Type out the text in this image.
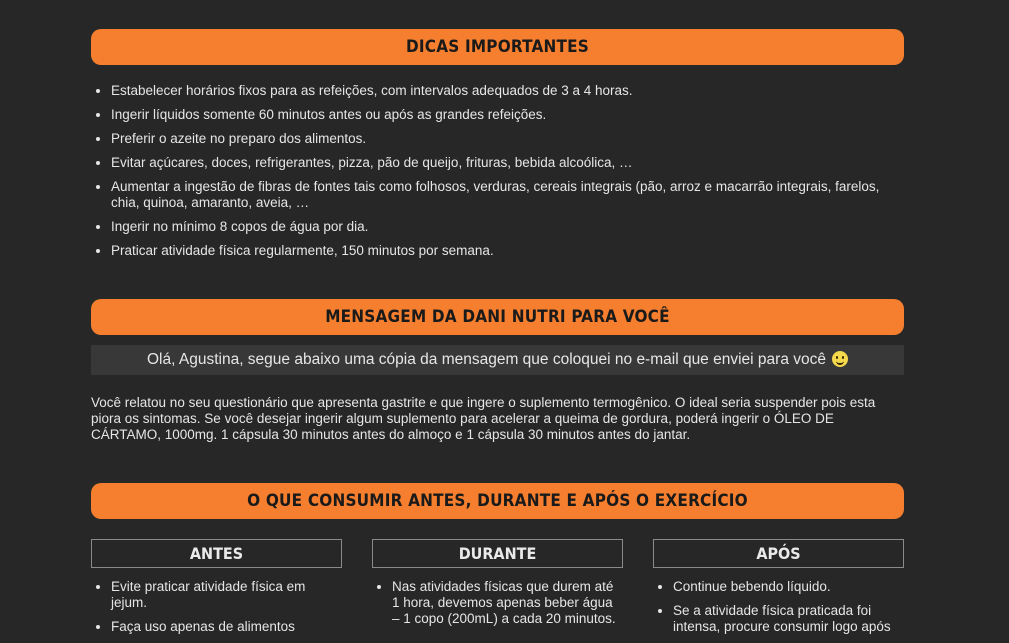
DICAS IMPORTANTES
• Estabelecer horários fixos para as refeições, com intervalos adequados de 3 a 4 horas.
• Ingerir líquidos somente 60 minutos antes ou após as grandes refeições.
• Preferir o azeite no preparo dos alimentos.
• Evitar açúcares, doces, refrigerantes, pizza, pão de queijo, frituras, bebida alcoólica, …
• Aumentar a ingestão de fibras de fontes tais como folhosos, verduras, cereais integrais (pão, arroz e macarrão integrais, farelos, chia, quinoa, amaranto, aveia, …
• Ingerir no mínimo 8 copos de água por dia.
• Praticar atividade física regularmente, 150 minutos por semana.
MENSAGEM DA DANI NUTRI PARA VOCÊ
Olá, Agustina, segue abaixo uma cópia da mensagem que coloquei no e-mail que enviei para você
Você relatou no seu questionário que apresenta gastrite e que ingere o suplemento termogênico. O ideal seria suspender pois esta piora os sintomas. Se você desejar ingerir algum suplemento para acelerar a queima de gordura, poderá ingerir o ÓLEO DE CÁRTAMO, 1000mg. 1 cápsula 30 minutos antes do almoço e 1 cápsula 30 minutos antes do jantar.
O QUE CONSUMIR ANTES, DURANTE E APÓS O EXERCÍCIO
ANTES
• Evite praticar atividade física em jejum.
• Faça uso apenas de alimentos
DURANTE
• Nas atividades físicas que durem até 1 hora, devemos apenas beber água – 1 copo (200mL) a cada 20 minutos.
APÓS
• Continue bebendo líquido.
• Se a atividade física praticada foi intensa, procure consumir logo após
